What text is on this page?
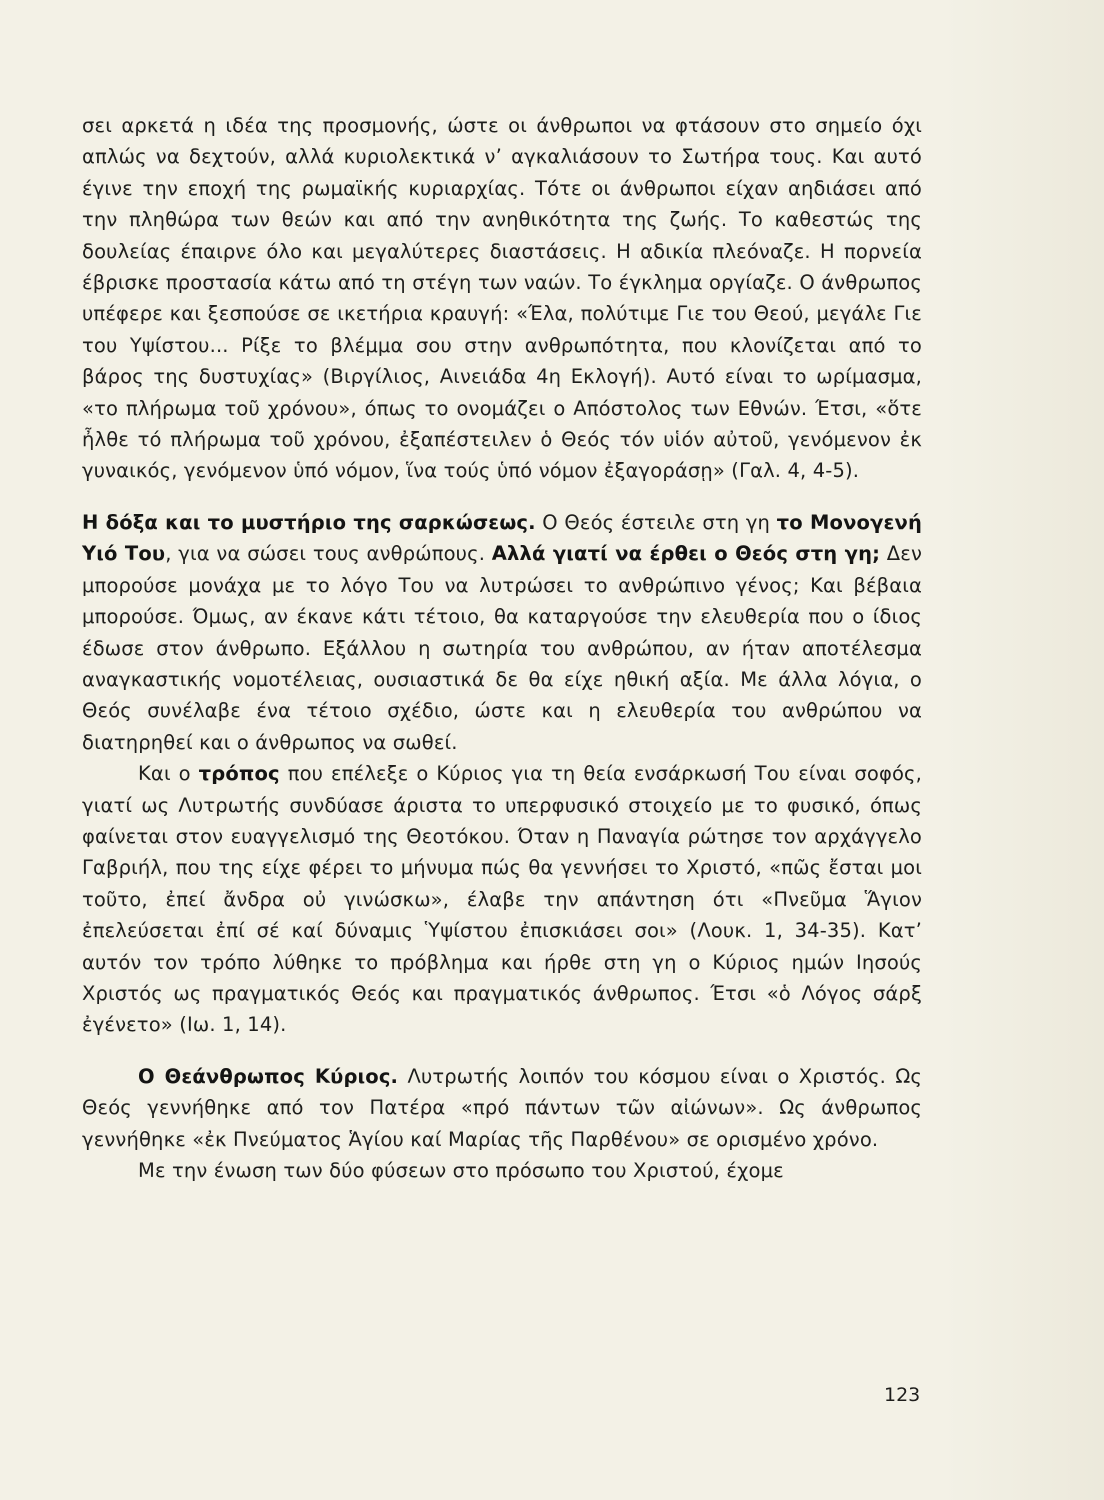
σει αρκετά η ιδέα της προσμονής, ώστε οι άνθρωποι να φτάσουν στο σημείο όχι απλώς να δεχτούν, αλλά κυριολεκτικά ν’ αγκαλιάσουν το Σωτήρα τους. Και αυτό έγινε την εποχή της ρωμαϊκής κυριαρχίας. Τότε οι άνθρωποι είχαν αηδιάσει από την πληθώρα των θεών και από την ανηθικότητα της ζωής. Το καθεστώς της δουλείας έπαιρνε όλο και μεγαλύτερες διαστάσεις. Η αδικία πλεόναζε. Η πορνεία έβρισκε προστασία κάτω από τη στέγη των ναών. Το έγκλημα οργίαζε. Ο άνθρωπος υπέφερε και ξεσπούσε σε ικετήρια κραυγή: «Έλα, πολύτιμε Γιε του Θεού, μεγάλε Γιε του Υψίστου... Ρίξε το βλέμμα σου στην ανθρωπότητα, που κλονίζεται από το βάρος της δυστυχίας» (Βιργίλιος, Αινειάδα 4η Εκλογή). Αυτό είναι το ωρίμασμα, «το πλήρωμα τοῦ χρόνου», όπως το ονομάζει ο Απόστολος των Εθνών. Έτσι, «ὅτε ἦλθε τό πλήρωμα τοῦ χρόνου, ἐξαπέστειλεν ὁ Θεός τόν υἱόν αὐτοῦ, γενόμενον ἐκ γυναικός, γενόμενον ὑπό νόμον, ἵνα τούς ὑπό νόμον ἐξαγοράσῃ» (Γαλ. 4, 4-5).

Η δόξα και το μυστήριο της σαρκώσεως. Ο Θεός έστειλε στη γη το Μονογενή Υιό Του, για να σώσει τους ανθρώπους. Αλλά γιατί να έρθει ο Θεός στη γη; Δεν μπορούσε μονάχα με το λόγο Του να λυτρώσει το ανθρώπινο γένος; Και βέβαια μπορούσε. Όμως, αν έκανε κάτι τέτοιο, θα καταργούσε την ελευθερία που ο ίδιος έδωσε στον άνθρωπο. Εξάλλου η σωτηρία του ανθρώπου, αν ήταν αποτέλεσμα αναγκαστικής νομοτέλειας, ουσιαστικά δε θα είχε ηθική αξία. Με άλλα λόγια, ο Θεός συνέλαβε ένα τέτοιο σχέδιο, ώστε και η ελευθερία του ανθρώπου να διατηρηθεί και ο άνθρωπος να σωθεί.

Και ο τρόπος που επέλεξε ο Κύριος για τη θεία ενσάρκωσή Του είναι σοφός, γιατί ως Λυτρωτής συνδύασε άριστα το υπερφυσικό στοιχείο με το φυσικό, όπως φαίνεται στον ευαγγελισμό της Θεοτόκου. Όταν η Παναγία ρώτησε τον αρχάγγελο Γαβριήλ, που της είχε φέρει το μήνυμα πώς θα γεννήσει το Χριστό, «πῶς ἔσται μοι τοῦτο, ἐπεί ἄνδρα οὐ γινώσκω», έλαβε την απάντηση ότι «Πνεῦμα Ἅγιον ἐπελεύσεται ἐπί σέ καί δύναμις Ὑψίστου ἐπισκιάσει σοι» (Λουκ. 1, 34-35). Κατ’ αυτόν τον τρόπο λύθηκε το πρόβλημα και ήρθε στη γη ο Κύριος ημών Ιησούς Χριστός ως πραγματικός Θεός και πραγματικός άνθρωπος. Έτσι «ὁ Λόγος σάρξ ἐγένετο» (Ιω. 1, 14).

Ο Θεάνθρωπος Κύριος. Λυτρωτής λοιπόν του κόσμου είναι ο Χριστός. Ως Θεός γεννήθηκε από τον Πατέρα «πρό πάντων τῶν αἰώνων». Ως άνθρωπος γεννήθηκε «ἐκ Πνεύματος Ἁγίου καί Μαρίας τῆς Παρθένου» σε ορισμένο χρόνο.

Με την ένωση των δύο φύσεων στο πρόσωπο του Χριστού, έχομε

123
